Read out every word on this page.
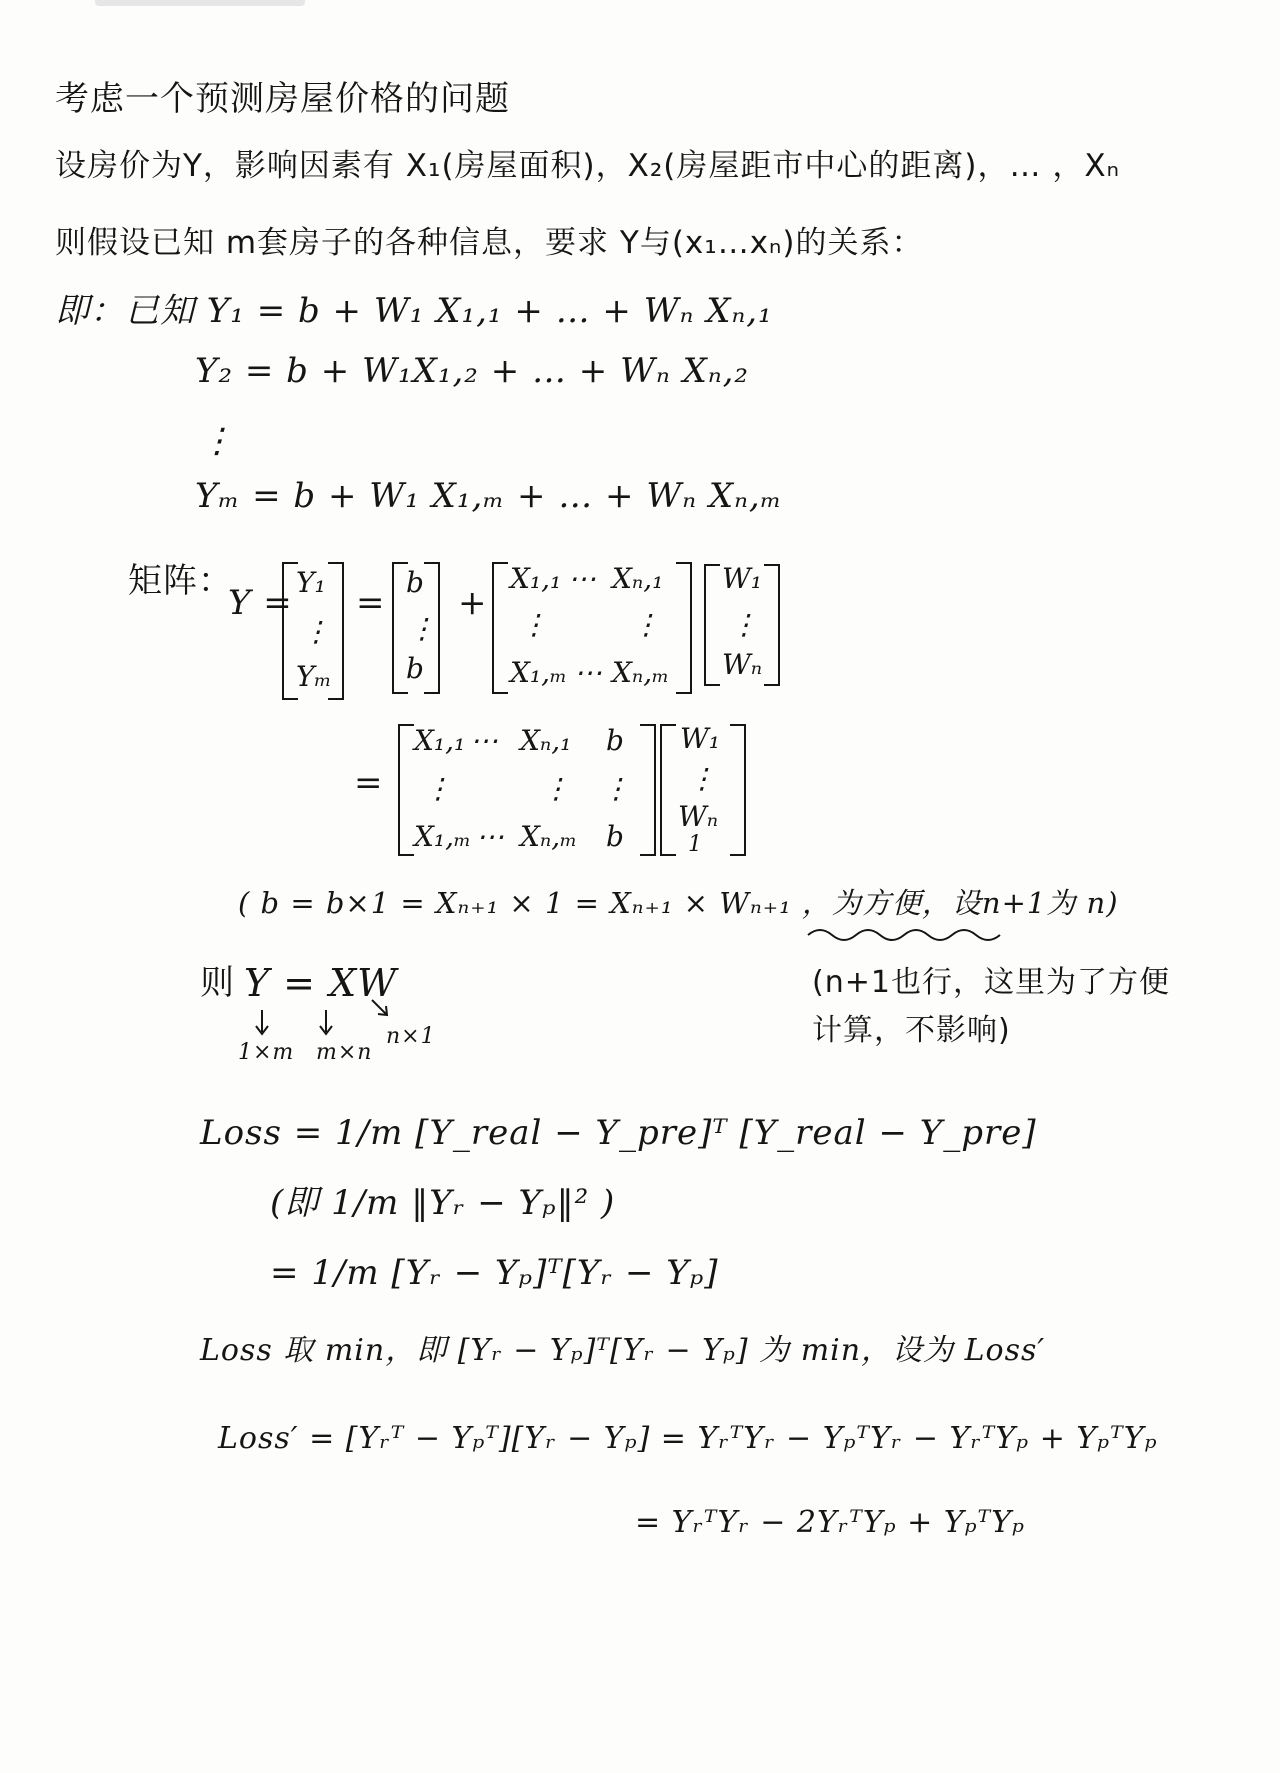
考虑一个预测房屋价格的问题
设房价为Y，影响因素有 X₁(房屋面积)，X₂(房屋距市中心的距离)，… ，Xₙ
则假设已知 m套房子的各种信息，要求 Y与(x₁…xₙ)的关系：
即：已知 Y₁ = b + W₁ X₁,₁ + … + Wₙ Xₙ,₁
Y₂ = b + W₁X₁,₂ + … + Wₙ Xₙ,₂
⋮
Yₘ = b + W₁ X₁,ₘ + … + Wₙ Xₙ,ₘ
矩阵：
Y =
Y₁
⋮
Yₘ
=
b
⋮
b
+
X₁,₁ ⋯ Xₙ,₁
⋮	⋮
X₁,ₘ ⋯ Xₙ,ₘ
W₁
⋮
Wₙ
=
X₁,₁ ⋯ Xₙ,₁ b
⋮	⋮ ⋮
X₁,ₘ ⋯ Xₙ,ₘ b
W₁
⋮
Wₙ
1
( b = b×1 = Xₙ₊₁ × 1 = Xₙ₊₁ × Wₙ₊₁ ，为方便，设n+1为 n)
则 Y = XW
1×m m×n
n×1
(n+1也行，这里为了方便
计算，不影响)
Loss = 1/m [Y_real − Y_pre]ᵀ [Y_real − Y_pre]
(即 1/m ‖Yᵣ − Yₚ‖² )
= 1/m [Yᵣ − Yₚ]ᵀ[Yᵣ − Yₚ]
Loss 取 min，即 [Yᵣ − Yₚ]ᵀ[Yᵣ − Yₚ] 为 min，设为 Loss′
Loss′ = [Yᵣᵀ − Yₚᵀ][Yᵣ − Yₚ] = YᵣᵀYᵣ − YₚᵀYᵣ − YᵣᵀYₚ + YₚᵀYₚ
= YᵣᵀYᵣ − 2YᵣᵀYₚ + YₚᵀYₚ
